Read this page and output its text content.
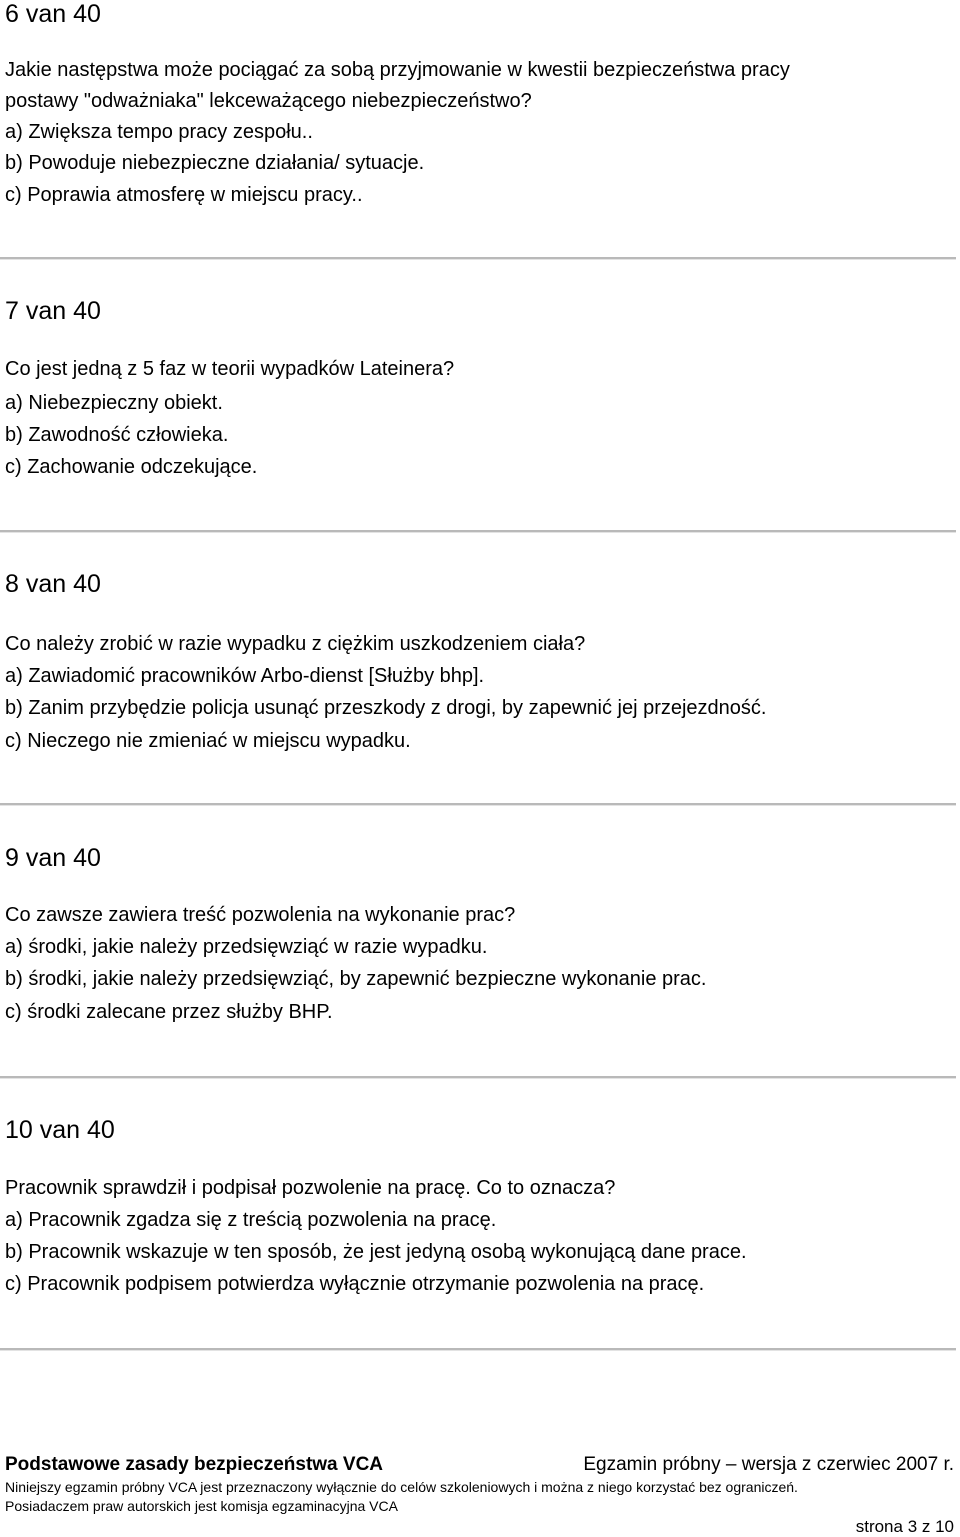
6 van 40
Jakie następstwa może pociągać za sobą przyjmowanie w kwestii bezpieczeństwa pracy
postawy "odważniaka" lekceważącego niebezpieczeństwo?
a) Zwiększa tempo pracy zespołu..
b) Powoduje niebezpieczne działania/ sytuacje.
c) Poprawia atmosferę w miejscu pracy..
7 van 40
Co jest jedną z 5 faz w teorii wypadków Lateinera?
a) Niebezpieczny obiekt.
b) Zawodność człowieka.
c) Zachowanie odczekujące.
8 van 40
Co należy zrobić w razie wypadku z ciężkim uszkodzeniem ciała?
a) Zawiadomić pracowników Arbo-dienst [Służby bhp].
b) Zanim przybędzie policja usunąć przeszkody z drogi, by zapewnić jej przejezdność.
c) Nieczego nie zmieniać w miejscu wypadku.
9 van 40
Co zawsze zawiera treść pozwolenia na wykonanie prac?
a) środki, jakie należy przedsięwziąć w razie wypadku.
b) środki, jakie należy przedsięwziąć, by zapewnić bezpieczne wykonanie prac.
c) środki zalecane przez służby BHP.
10 van 40
Pracownik sprawdził i podpisał pozwolenie na pracę. Co to oznacza?
a) Pracownik zgadza się z treścią pozwolenia na pracę.
b) Pracownik wskazuje w ten sposób, że jest jedyną osobą wykonującą dane prace.
c) Pracownik podpisem potwierdza wyłącznie otrzymanie pozwolenia na pracę.
Podstawowe zasady bezpieczeństwa VCA	Egzamin próbny – wersja z czerwiec 2007 r.
Niniejszy egzamin próbny VCA jest przeznaczony wyłącznie do celów szkoleniowych i można z niego korzystać bez ograniczeń.
Posiadaczem praw autorskich jest komisja egzaminacyjna VCA
strona 3 z 10
